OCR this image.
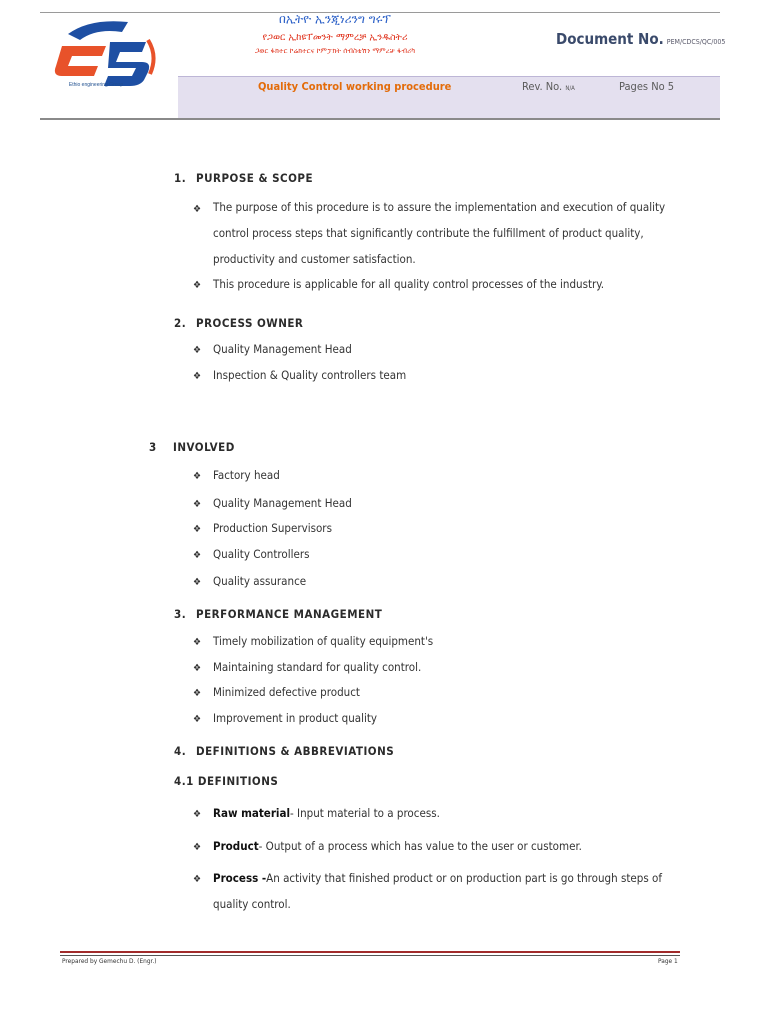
Ethio engineering Group
በኢትዮ ኢንጂነሪንግ ግሩፕ
የጋወር ኢከዩፐመንት ማምረቻ ኢንዱስትሪ
ጋወር ፋክተር ኮሬክተርና ኮምፓክት ሰብስቴሽን ማምረቻ ፋብሪካ
Document No. PEM/CDCS/QC/005
Quality Control working procedure	Rev. No. N/A	Pages No 5
1. PURPOSE & SCOPE
❖	The purpose of this procedure is to assure the implementation and execution of quality
control process steps that significantly contribute the fulfillment of product quality,
productivity and customer satisfaction.
❖ This procedure is applicable for all quality control processes of the industry.
2. PROCESS OWNER
❖ Quality Management Head
❖ Inspection & Quality controllers team
3 INVOLVED
❖ Factory head
❖ Quality Management Head
❖ Production Supervisors
❖ Quality Controllers
❖ Quality assurance
3. PERFORMANCE MANAGEMENT
❖ Timely mobilization of quality equipment's
❖ Maintaining standard for quality control.
❖ Minimized defective product
❖ Improvement in product quality
4. DEFINITIONS & ABBREVIATIONS
4.1 DEFINITIONS
❖ Raw material- Input material to a process.
❖ Product- Output of a process which has value to the user or customer.
❖ Process -An activity that finished product or on production part is go through steps of
quality control.
Prepared by Gemechu D. (Engr.)	Page 1
